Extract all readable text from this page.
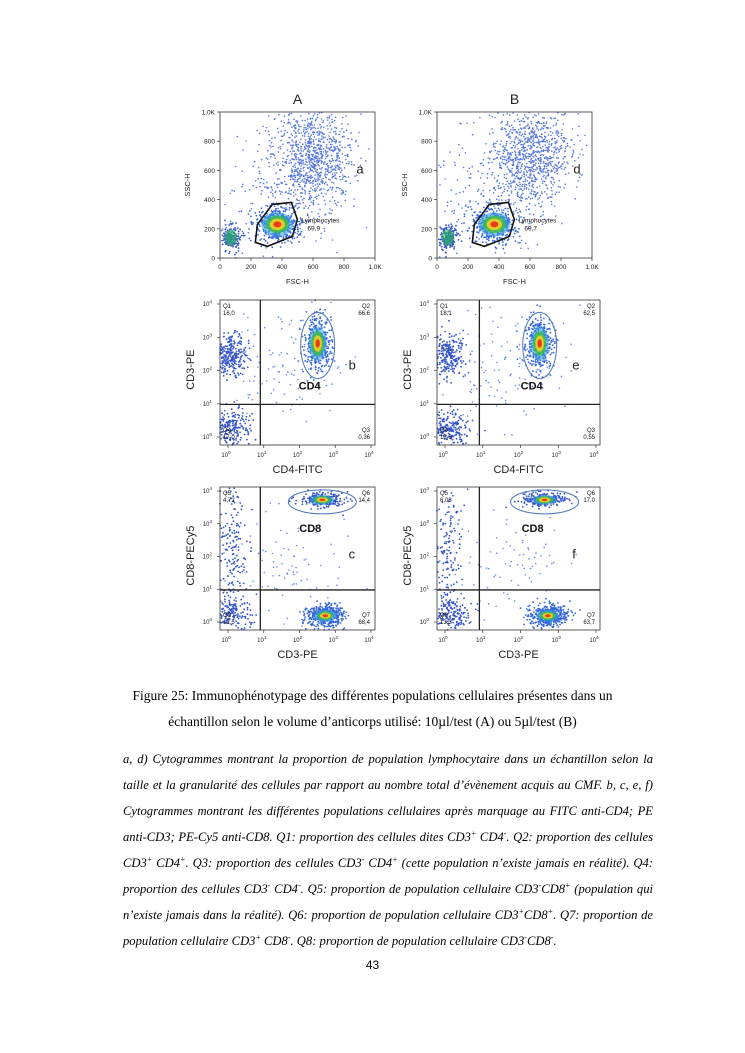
A
Lymphocytes
69,9
a
0	200	400	600	800	1,0K
0
200
400
600
800
1,0K
FSC-H
SSC-H
B
Lymphocytes
69,7
d
0	200	400	600	800	1,0K
0
200
400
600
800
1,0K
FSC-H
SSC-H
CD4
b
Q1
16,0
Q2
66,6
Q3
0,36
Q4
17,0
$10^0$
$10^0$
$10^1$
$10^1$
$10^2$
$10^2$
$10^3$
$10^3$
$10^4$
$10^4$
CD4-FITC
CD3-PE	CD4
e
Q1
18,1
Q2
62,5
Q3
0,55
Q4
18,9
$10^0$
$10^0$
$10^1$
$10^1$
$10^2$
$10^2$
$10^3$
$10^3$
$10^4$
$10^4$
CD4-FITC
CD3-PE
CD8
c
Q5
4,72
Q6
14,4
Q7
68,4
Q8
12,5
$10^0$
$10^0$
$10^1$
$10^1$
$10^2$
$10^2$
$10^3$
$10^3$
$10^4$
$10^4$
CD3-PE
CD8-PECy5	CD8
f
Q5
6,03
Q6
17,0
Q7
63,7
Q8
13,3
$10^0$
$10^0$
$10^1$
$10^1$
$10^2$
$10^2$
$10^3$
$10^3$
$10^4$
$10^4$
CD3-PE
CD8-PECy5
Figure 25: Immunophénotypage des différentes populations cellulaires présentes dans un
échantillon selon le volume d’anticorps utilisé: 10µl/test (A) ou 5µl/test (B)
a, d) Cytogrammes montrant la proportion de population lymphocytaire dans un échantillon selon la taille et la granularité des cellules par rapport au nombre total d’évènement acquis au CMF. b, c, e, f) Cytogrammes montrant les différentes populations cellulaires après marquage au FITC anti-CD4; PE anti-CD3; PE-Cy5 anti-CD8. Q1: proportion des cellules dites CD3+ CD4-. Q2: proportion des cellules CD3+ CD4+. Q3: proportion des cellules CD3- CD4+ (cette population n’existe jamais en réalité). Q4: proportion des cellules CD3- CD4-. Q5: proportion de population cellulaire CD3-CD8+ (population qui n’existe jamais dans la réalité). Q6: proportion de population cellulaire CD3+CD8+. Q7: proportion de population cellulaire CD3+ CD8-. Q8: proportion de population cellulaire CD3-CD8-.
43
